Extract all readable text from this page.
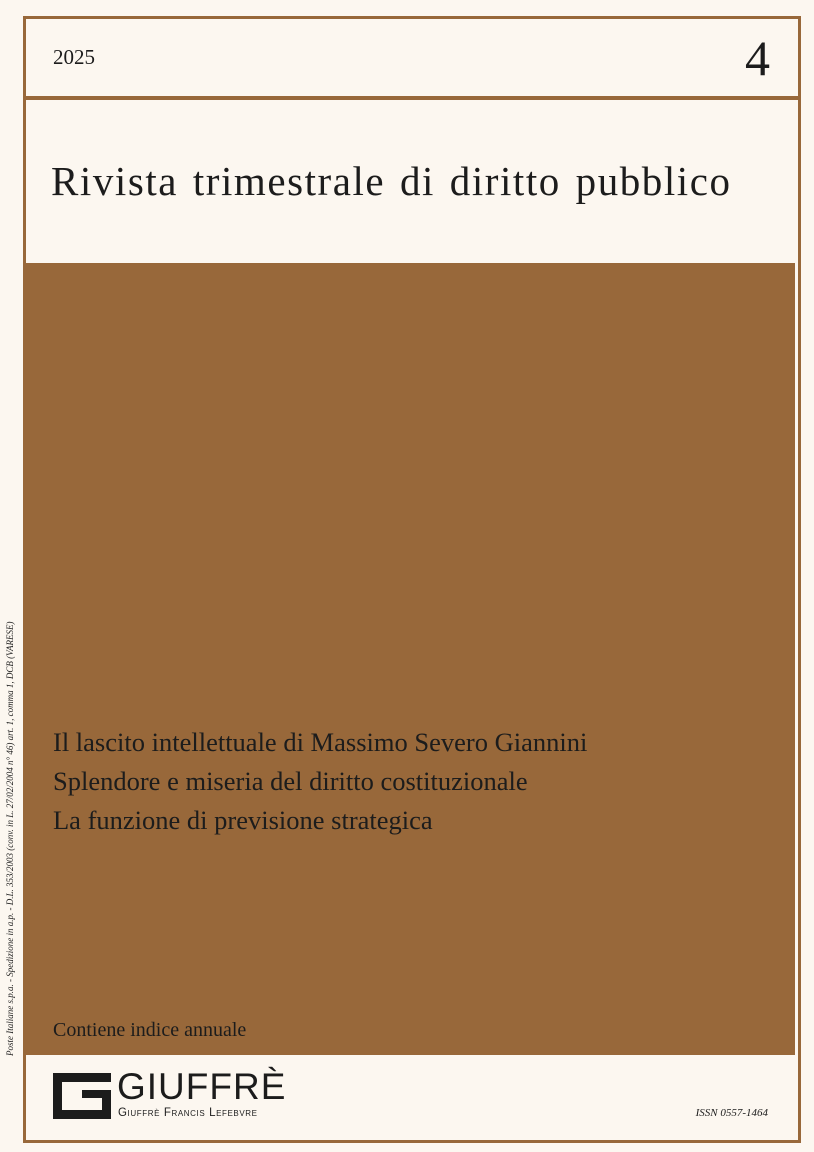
2025	4
Rivista trimestrale di diritto pubblico
Il lascito intellettuale di Massimo Severo Giannini
Splendore e miseria del diritto costituzionale
La funzione di previsione strategica
Contiene indice annuale
Poste Italiane s.p.a. - Spedizione in a.p. - D.L. 353/2003 (conv. in L. 27/02/2004 n° 46) art. 1, comma 1, DCB (VARESE)
GIUFFRÈ
Giuffrè Francis Lefebvre	ISSN 0557-1464
